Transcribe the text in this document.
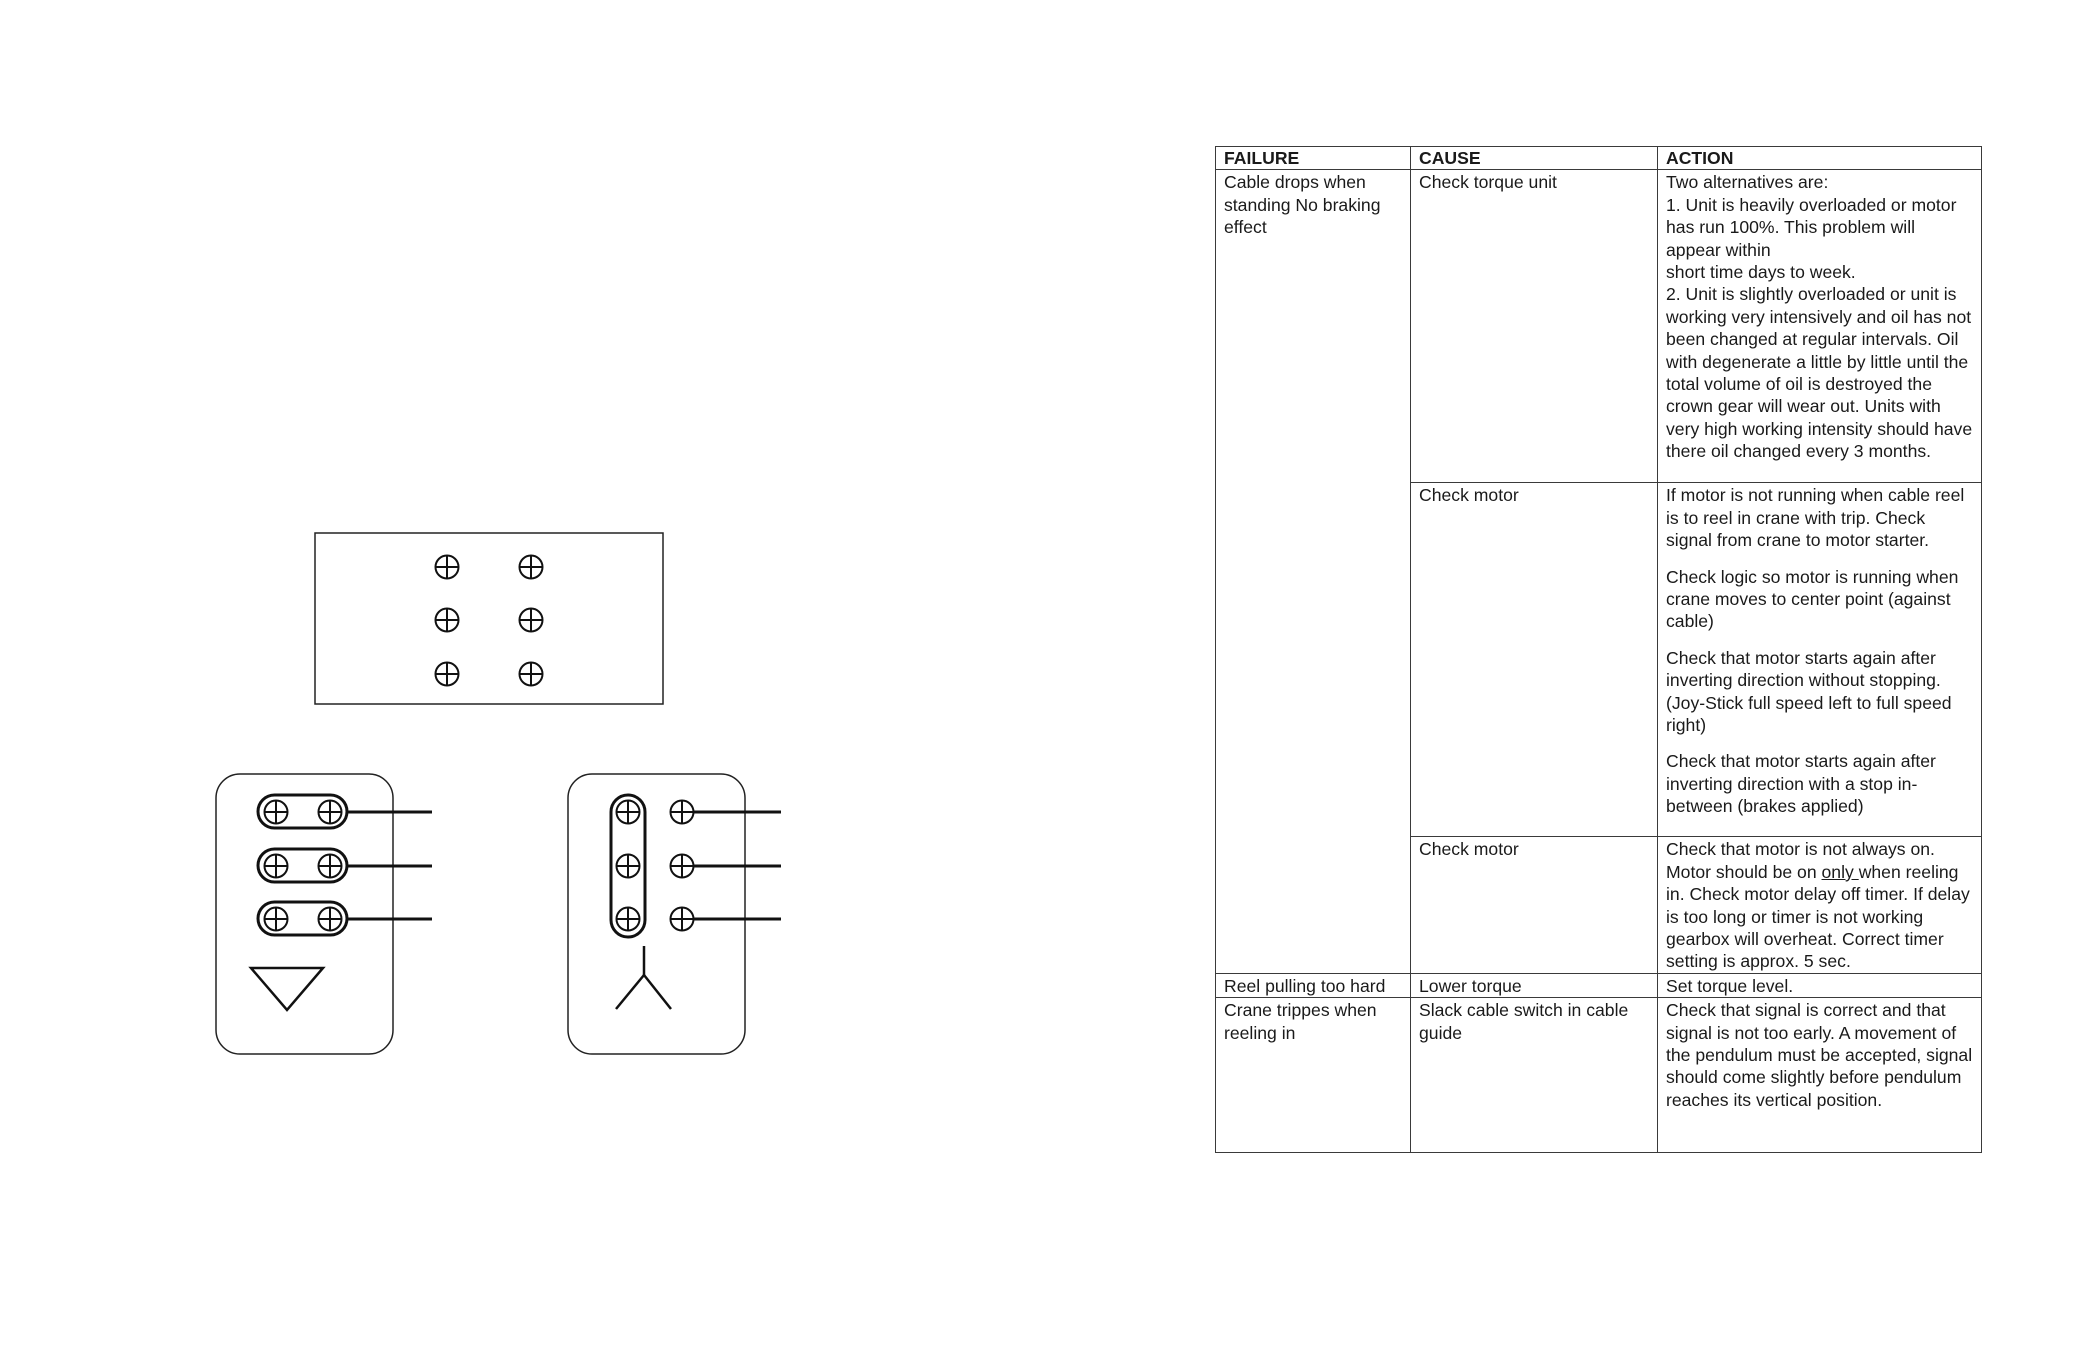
FAILURE	CAUSE	ACTION
Cable drops when standing No braking effect	Check torque unit	Two alternatives are:
1. Unit is heavily overloaded or motor has run 100%. This problem will appear within
short time days to week.
2. Unit is slightly overloaded or unit is working very intensively and oil has not been changed at regular intervals. Oil with degenerate a little by little until the total volume of oil is destroyed the crown gear will wear out. Units with very high working intensity should have there oil changed every 3 months.

	Check motor	If motor is not running when cable reel is to reel in crane with trip. Check signal from crane to motor starter.
Check logic so motor is running when crane moves to center point (against cable)
Check that motor starts again after inverting direction without stopping. (Joy-Stick full speed left to full speed right)
Check that motor starts again after inverting direction with a stop in-between (brakes applied)

	Check motor	Check that motor is not always on. Motor should be on only when reeling in. Check motor delay off timer. If delay is too long or timer is not working gearbox will overheat. Correct timer setting is approx. 5 sec.
Reel pulling too hard	Lower torque	Set torque level.
Crane trippes when reeling in	Slack cable switch in cable guide	Check that signal is correct and that signal is not too early. A movement of the pendulum must be accepted, signal should come slightly before pendulum reaches its vertical position.
